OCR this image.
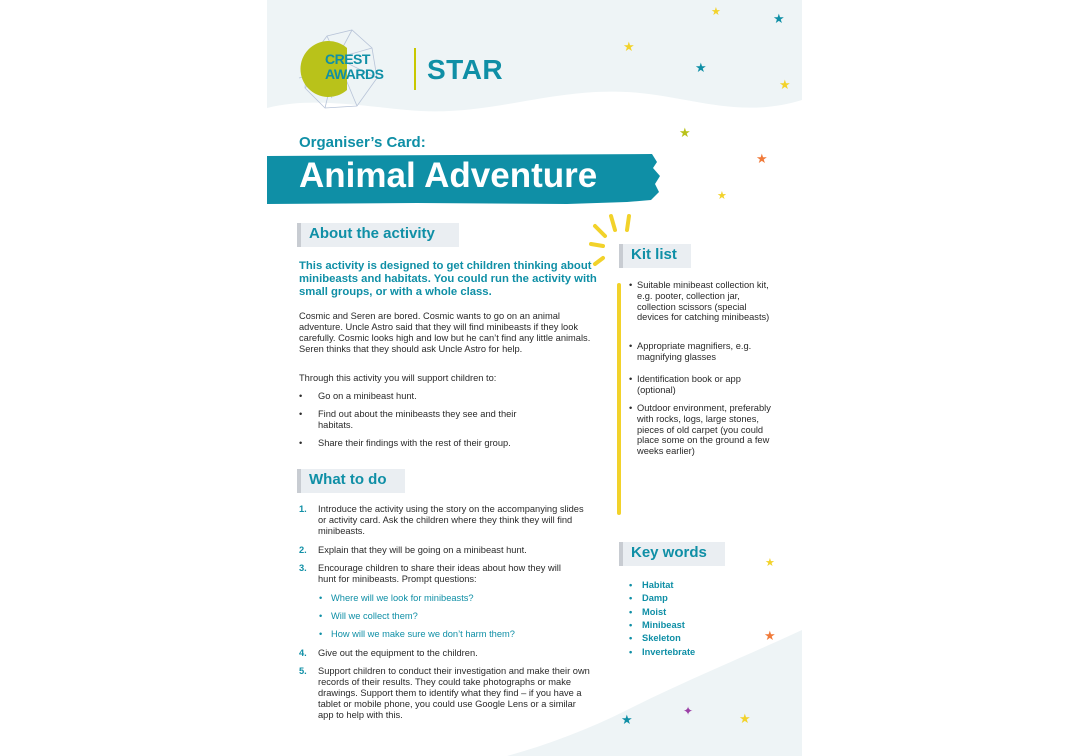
CREST
AWARDS STAR
Organiser’s Card:
Animal Adventure
About the activity
This activity is designed to get children thinking about minibeasts and habitats. You could run the activity with small groups, or with a whole class.
Cosmic and Seren are bored. Cosmic wants to go on an animal adventure. Uncle Astro said that they will find minibeasts if they look carefully. Cosmic looks high and low but he can’t find any little animals. Seren thinks that they should ask Uncle Astro for help.
Through this activity you will support children to:
• Go on a minibeast hunt.
• Find out about the minibeasts they see and their habitats.
• Share their findings with the rest of their group.
What to do
1. Introduce the activity using the story on the accompanying slides or activity card. Ask the children where they think they will find minibeasts.
2. Explain that they will be going on a minibeast hunt.
3. Encourage children to share their ideas about how they will hunt for minibeasts. Prompt questions:
• Where will we look for minibeasts?
• Will we collect them?
• How will we make sure we don’t harm them?
4. Give out the equipment to the children.
5. Support children to conduct their investigation and make their own records of their results. They could take photographs or make drawings. Support them to identify what they find – if you have a tablet or mobile phone, you could use Google Lens or a similar app to help with this.
Kit list
• Suitable minibeast collection kit, e.g. pooter, collection jar, collection scissors (special devices for catching minibeasts)
• Appropriate magnifiers, e.g. magnifying glasses
• Identification book or app (optional)
• Outdoor environment, preferably with rocks, logs, large stones, pieces of old carpet (you could place some on the ground a few weeks earlier)
Key words
• Habitat
• Damp
• Moist
• Minibeast
• Skeleton
• Invertebrate
★	★
★
★
★
★
★
★
★
★
★
✦	★
